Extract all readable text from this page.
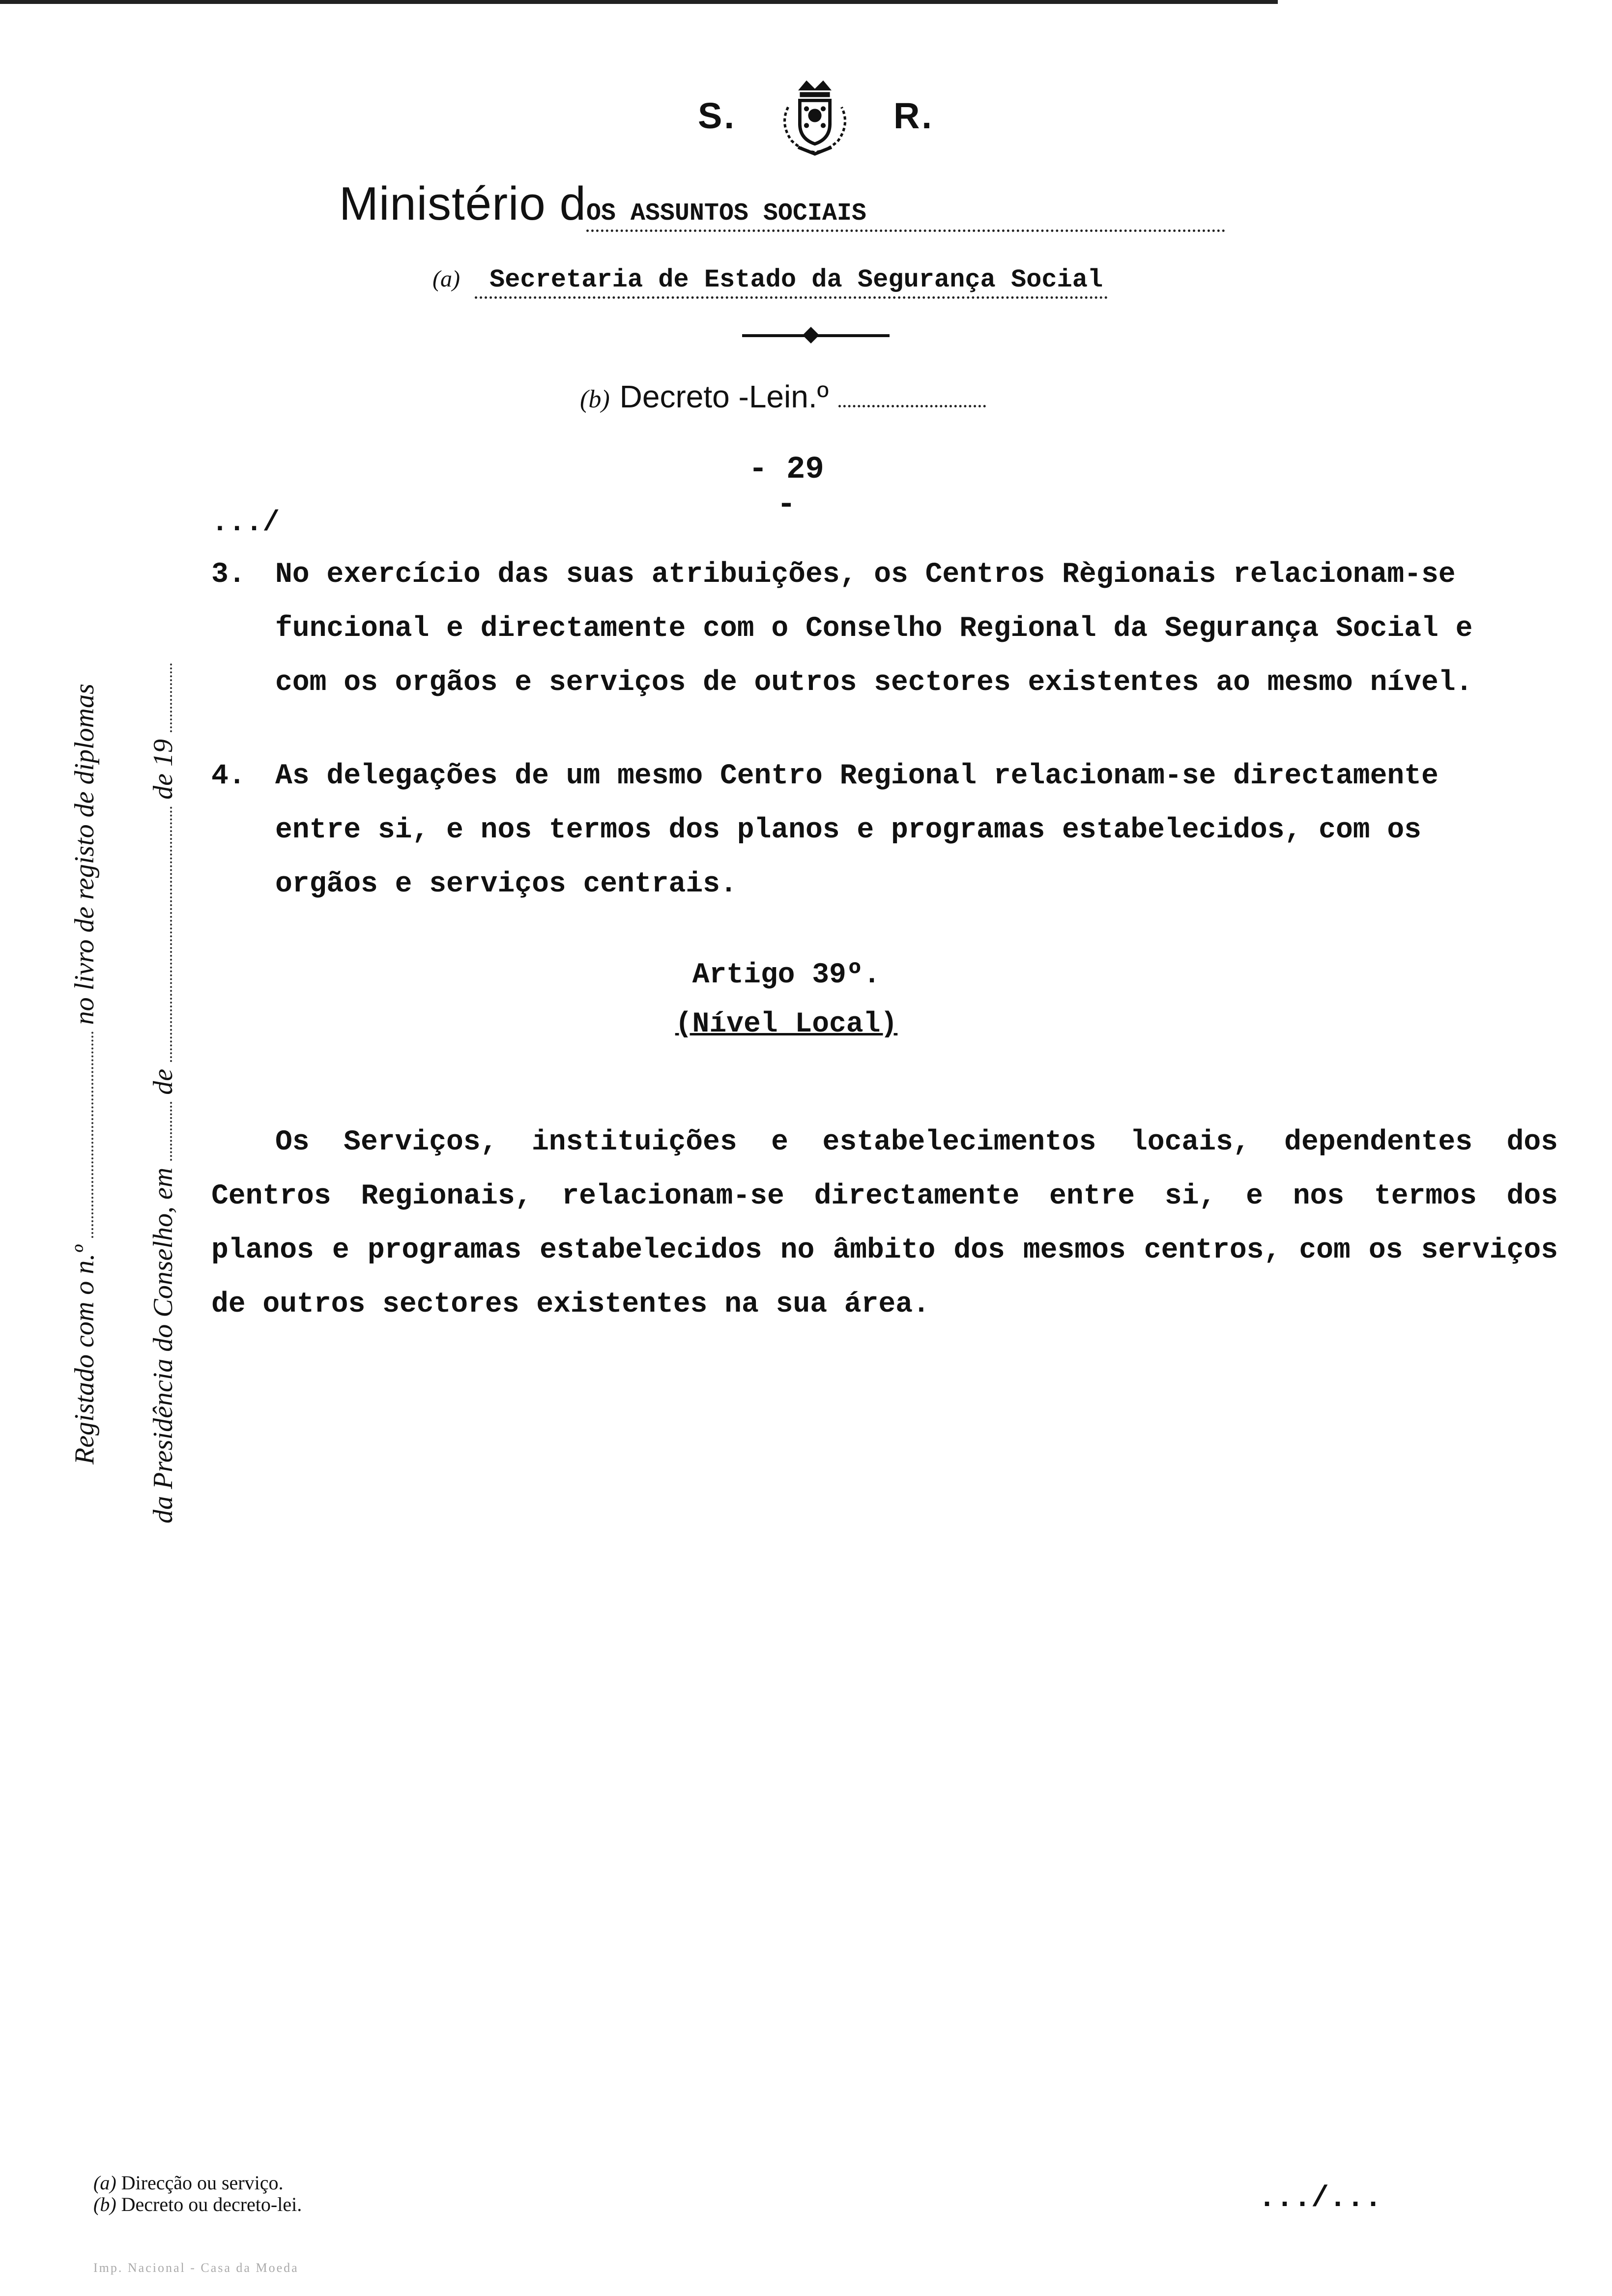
S.	R.
Ministério dOS ASSUNTOS SOCIAIS
(a) Secretaria de Estado da Segurança Social
(b) Decreto -Lein.º
- 29 -
.../
3. No exercício das suas atribuições, os Centros Règionais relacionam-se funcional e directamente com o Conselho Regional da Segurança Social e com os orgãos e serviços de outros sectores existentes ao mesmo nível.
4. As delegações de um mesmo Centro Regional relacionam-se directamente entre si, e nos termos dos planos e programas estabelecidos, com os orgãos e serviços centrais.
Artigo 39º.
(Nível Local)
Os Serviços, instituições e estabelecimentos locais, dependentes dos Centros Regionais, relacionam-se directamente entre si, e nos termos dos planos e programas estabelecidos no âmbito dos mesmos centros, com os serviços de outros sectores existentes na sua área.
Registado com o n.º  no livro de registo de diplomas
da Presidência do Conselho, em  de  de 19
(a) Direcção ou serviço.
(b) Decreto ou decreto-lei.	.../...
Imp. Nacional - Casa da Moeda
